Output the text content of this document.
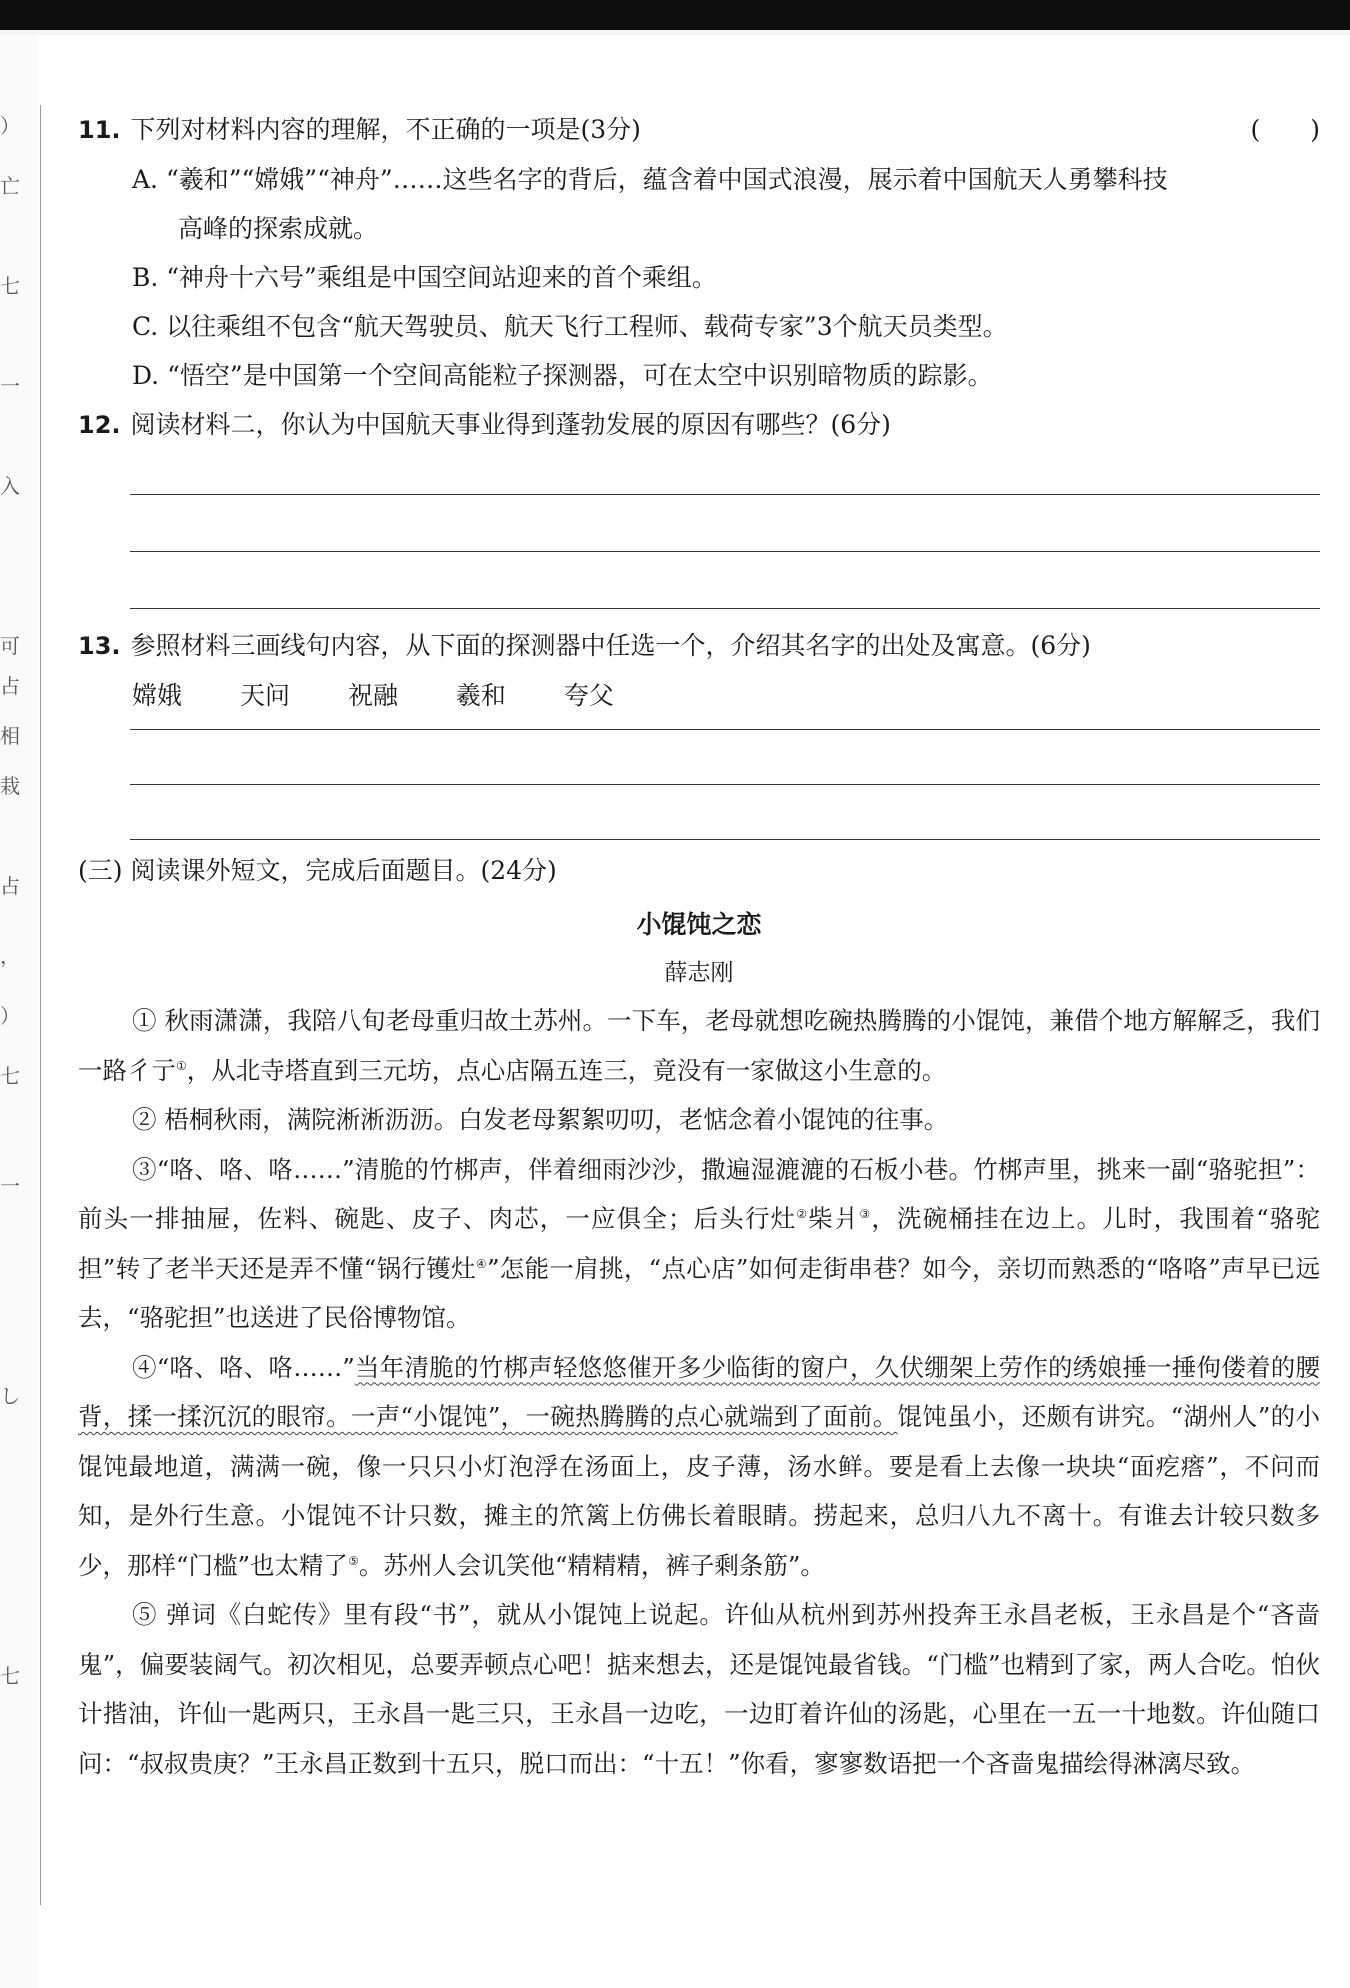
）
亡
七
一
入
可
占
相
栽
占
，
）
七
一
し
七
11. 下列对材料内容的理解，不正确的一项是(3分)	(　　)
A. “羲和”“嫦娥”“神舟”……这些名字的背后，蕴含着中国式浪漫，展示着中国航天人勇攀科技
高峰的探索成就。
B. “神舟十六号”乘组是中国空间站迎来的首个乘组。
C. 以往乘组不包含“航天驾驶员、航天飞行工程师、载荷专家”3个航天员类型。
D. “悟空”是中国第一个空间高能粒子探测器，可在太空中识别暗物质的踪影。
12. 阅读材料二，你认为中国航天事业得到蓬勃发展的原因有哪些？(6分)
13. 参照材料三画线句内容，从下面的探测器中任选一个，介绍其名字的出处及寓意。(6分)
嫦娥 天问 祝融 羲和 夸父
(三) 阅读课外短文，完成后面题目。(24分)
小馄饨之恋
薛志刚
① 秋雨潇潇，我陪八旬老母重归故土苏州。一下车，老母就想吃碗热腾腾的小馄饨，兼借个地方解解乏，我们一路彳亍①，从北寺塔直到三元坊，点心店隔五连三，竟没有一家做这小生意的。
② 梧桐秋雨，满院淅淅沥沥。白发老母絮絮叨叨，老惦念着小馄饨的往事。
③“咯、咯、咯……”清脆的竹梆声，伴着细雨沙沙，撒遍湿漉漉的石板小巷。竹梆声里，挑来一副“骆驼担”：前头一排抽屉，佐料、碗匙、皮子、肉芯，一应俱全；后头行灶②柴爿③，洗碗桶挂在边上。儿时，我围着“骆驼担”转了老半天还是弄不懂“锅行镬灶④”怎能一肩挑，“点心店”如何走街串巷？如今，亲切而熟悉的“咯咯”声早已远去，“骆驼担”也送进了民俗博物馆。
④“咯、咯、咯……”当年清脆的竹梆声轻悠悠催开多少临街的窗户，久伏绷架上劳作的绣娘捶一捶佝偻着的腰背，揉一揉沉沉的眼帘。一声“小馄饨”，一碗热腾腾的点心就端到了面前。馄饨虽小，还颇有讲究。“湖州人”的小馄饨最地道，满满一碗，像一只只小灯泡浮在汤面上，皮子薄，汤水鲜。要是看上去像一块块“面疙瘩”，不问而知，是外行生意。小馄饨不计只数，摊主的笊篱上仿佛长着眼睛。捞起来，总归八九不离十。有谁去计较只数多少，那样“门槛”也太精了⑤。苏州人会讥笑他“精精精，裤子剩条筋”。
⑤ 弹词《白蛇传》里有段“书”，就从小馄饨上说起。许仙从杭州到苏州投奔王永昌老板，王永昌是个“吝啬鬼”，偏要装阔气。初次相见，总要弄顿点心吧！掂来想去，还是馄饨最省钱。“门槛”也精到了家，两人合吃。怕伙计揩油，许仙一匙两只，王永昌一匙三只，王永昌一边吃，一边盯着许仙的汤匙，心里在一五一十地数。许仙随口问：“叔叔贵庚？”王永昌正数到十五只，脱口而出：“十五！”你看，寥寥数语把一个吝啬鬼描绘得淋漓尽致。
